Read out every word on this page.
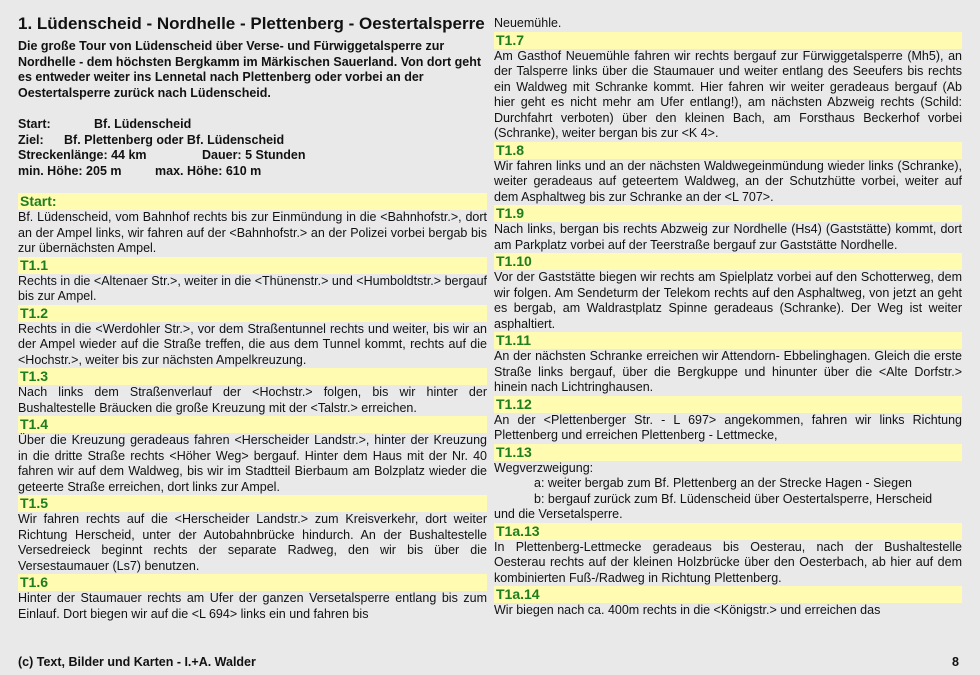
1. Lüdenscheid - Nordhelle - Plettenberg - Oestertalsperre
Die große Tour von Lüdenscheid über Verse- und Fürwiggetalsperre zur Nordhelle - dem höchsten Bergkamm im Märkischen Sauerland. Von dort geht es entweder weiter ins Lennetal nach Plettenberg oder vorbei an der Oestertalsperre zurück nach Lüdenscheid.
Start:	Bf. Lüdenscheid
Ziel:	Bf. Plettenberg oder Bf. Lüdenscheid
Streckenlänge: 44 km	Dauer: 5 Stunden
min. Höhe: 205 m	max. Höhe: 610 m
Start:
Bf. Lüdenscheid, vom Bahnhof rechts bis zur Einmündung in die <Bahnhofstr.>, dort an der Ampel links, wir fahren auf der <Bahnhofstr.> an der Polizei vorbei bergab bis zur übernächsten Ampel.
T1.1
Rechts in die <Altenaer Str.>, weiter in die <Thünenstr.> und <Humboldtstr.> bergauf bis zur Ampel.
T1.2
Rechts in die <Werdohler Str.>, vor dem Straßentunnel rechts und weiter, bis wir an der Ampel wieder auf die Straße treffen, die aus dem Tunnel kommt, rechts auf die <Hochstr.>, weiter bis zur nächsten Ampelkreuzung.
T1.3
Nach links dem Straßenverlauf der <Hochstr.> folgen, bis wir hinter der Bushaltestelle Bräucken die große Kreuzung mit der <Talstr.> erreichen.
T1.4
Über die Kreuzung geradeaus fahren <Herscheider Landstr.>, hinter der Kreuzung in die dritte Straße rechts <Höher Weg> bergauf. Hinter dem Haus mit der Nr. 40 fahren wir auf dem Waldweg, bis wir im Stadtteil Bierbaum am Bolzplatz wieder die geteerte Straße erreichen, dort links zur Ampel.
T1.5
Wir fahren rechts auf die <Herscheider Landstr.> zum Kreisverkehr, dort weiter Richtung Herscheid, unter der Autobahnbrücke hindurch. An der Bushaltestelle Versedreieck beginnt rechts der separate Radweg, den wir bis über die Versestaumauer (Ls7) benutzen.
T1.6
Hinter der Staumauer rechts am Ufer der ganzen Versetalsperre entlang bis zum Einlauf. Dort biegen wir auf die <L 694> links ein und fahren bis
Neuemühle.
T1.7
Am Gasthof Neuemühle fahren wir rechts bergauf zur Fürwiggetalsperre (Mh5), an der Talsperre links über die Staumauer und weiter entlang des Seeufers bis rechts ein Waldweg mit Schranke kommt. Hier fahren wir weiter geradeaus bergauf (Ab hier geht es nicht mehr am Ufer entlang!), am nächsten Abzweig rechts (Schild: Durchfahrt verboten) über den kleinen Bach, am Forsthaus Beckerhof vorbei (Schranke), weiter bergan bis zur <K 4>.
T1.8
Wir fahren links und an der nächsten Waldwegeinmündung wieder links (Schranke), weiter geradeaus auf geteertem Waldweg, an der Schutzhütte vorbei, weiter auf dem Asphaltweg bis zur Schranke an der <L 707>.
T1.9
Nach links, bergan bis rechts Abzweig zur Nordhelle (Hs4) (Gaststätte) kommt, dort am Parkplatz vorbei auf der Teerstraße bergauf zur Gaststätte Nordhelle.
T1.10
Vor der Gaststätte biegen wir rechts am Spielplatz vorbei auf den Schotterweg, dem wir folgen. Am Sendeturm der Telekom rechts auf den Asphaltweg, von jetzt an geht es bergab, am Waldrastplatz Spinne geradeaus (Schranke). Der Weg ist weiter asphaltiert.
T1.11
An der nächsten Schranke erreichen wir Attendorn- Ebbelinghagen. Gleich die erste Straße links bergauf, über die Bergkuppe und hinunter über die <Alte Dorfstr.> hinein nach Lichtringhausen.
T1.12
An der <Plettenberger Str. - L 697> angekommen, fahren wir links Richtung Plettenberg und erreichen Plettenberg - Lettmecke,
T1.13
Wegverzweigung:
a: weiter bergab zum Bf. Plettenberg an der Strecke Hagen - Siegen
b: bergauf zurück zum Bf. Lüdenscheid über Oestertalsperre, Herscheid
und die Versetalsperre.
T1a.13
In Plettenberg-Lettmecke geradeaus bis Oesterau, nach der Bushaltestelle Oesterau rechts auf der kleinen Holzbrücke über den Oesterbach, ab hier auf dem kombinierten Fuß-/Radweg in Richtung Plettenberg.
T1a.14
Wir biegen nach ca. 400m rechts in die <Königstr.> und erreichen das
(c) Text, Bilder und Karten - I.+A. Walder	8
